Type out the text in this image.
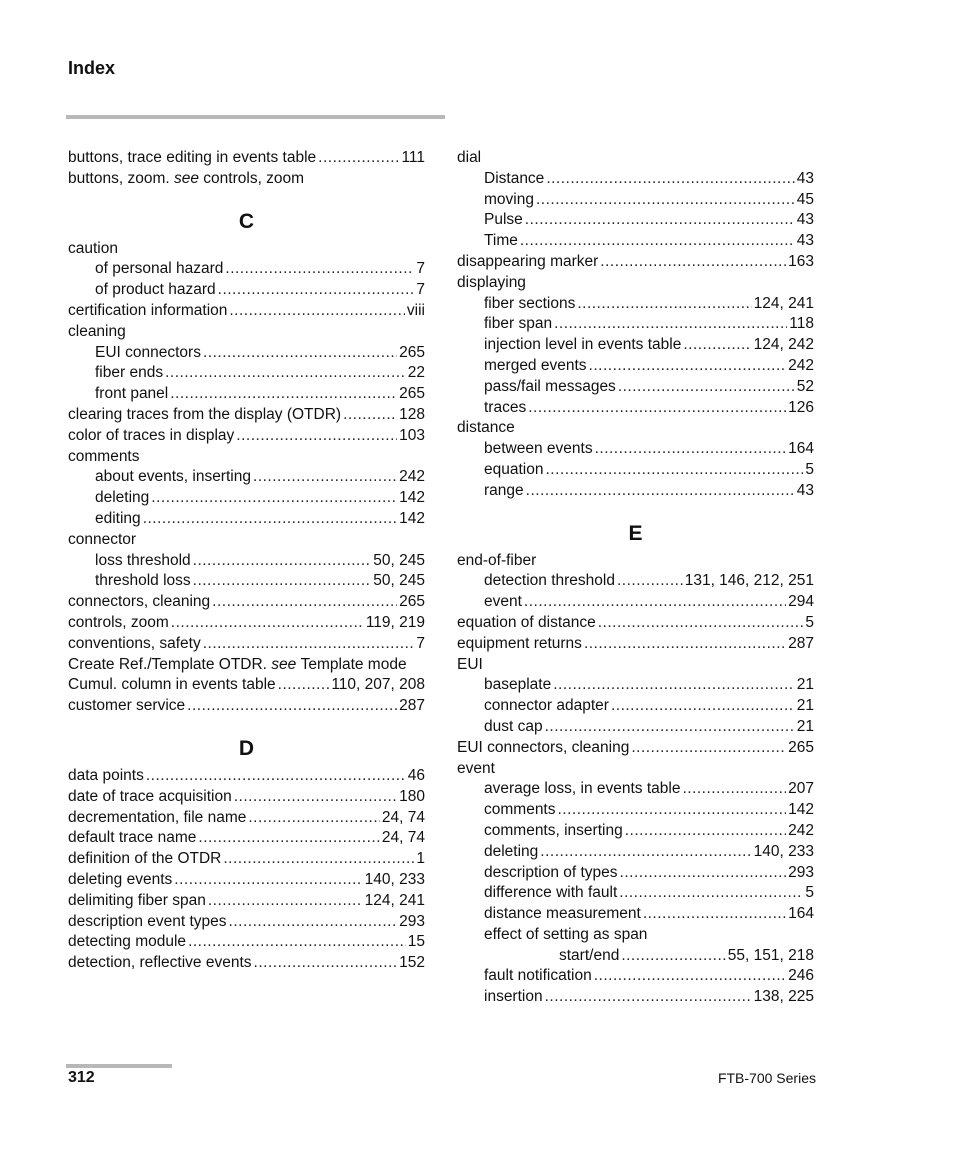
Index
buttons, trace editing in events table .....	111
buttons, zoom.
see
controls, zoom
C
caution
of personal hazard .....	7
of product hazard .....	7
certification information .....	viii
cleaning
EUI connectors .....	265
fiber ends .....	22
front panel .....	265
clearing traces from the display (OTDR) .....	128
color of traces in display .....	103
comments
about events, inserting .....	242
deleting .....	142
editing .....	142
connector
loss threshold .....	50, 245
threshold loss .....	50, 245
connectors, cleaning .....	265
controls, zoom .....	119, 219
conventions, safety .....	7
Create Ref./Template OTDR.
see
Template mode
Cumul. column in events table .....	110, 207, 208
customer service .....	287
D
data points .....	46
date of trace acquisition .....	180
decrementation, file name .....	24, 74
default trace name .....	24, 74
definition of the OTDR .....	1
deleting events .....	140, 233
delimiting fiber span .....	124, 241
description event types .....	293
detecting module .....	15
detection, reflective events .....	152
dial
Distance .....	43
moving .....	45
Pulse .....	43
Time .....	43
disappearing marker .....	163
displaying
fiber sections .....	124, 241
fiber span .....	118
injection level in events table .....	124, 242
merged events .....	242
pass/fail messages .....	52
traces .....	126
distance
between events .....	164
equation .....	5
range .....	43
E
end-of-fiber
detection threshold .....	131, 146, 212, 251
event .....	294
equation of distance .....	5
equipment returns .....	287
EUI
baseplate .....	21
connector adapter .....	21
dust cap .....	21
EUI connectors, cleaning .....	265
event
average loss, in events table .....	207
comments .....	142
comments, inserting .....	242
deleting .....	140, 233
description of types .....	293
difference with fault .....	5
distance measurement .....	164
effect of setting as span
start/end .....	55, 151, 218
fault notification .....	246
insertion .....	138, 225
312	FTB-700 Series
